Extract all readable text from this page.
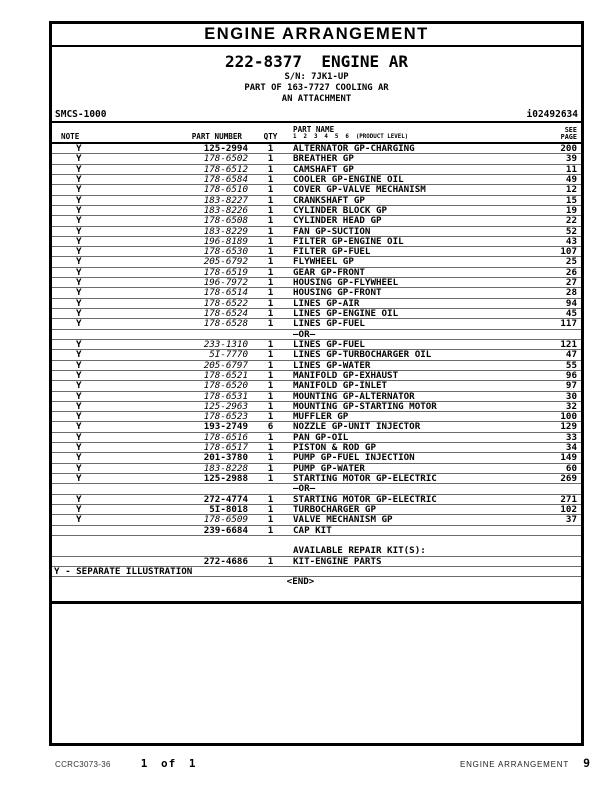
ENGINE ARRANGEMENT
222-8377  ENGINE AR
S/N: 7JK1-UP
PART OF 163-7727 COOLING AR
AN ATTACHMENT
SMCS-1000	i02492634
NOTE	PART NUMBER	QTY
PART NAME
1  2  3  4  5  6  (PRODUCT LEVEL)
SEE
PAGE
Y	125-2994	1	ALTERNATOR GP-CHARGING	200
Y	178-6502	1	BREATHER GP	39
Y	178-6512	1	CAMSHAFT GP	11
Y	178-6584	1	COOLER GP-ENGINE OIL	49
Y	178-6510	1	COVER GP-VALVE MECHANISM	12
Y	183-8227	1	CRANKSHAFT GP	15
Y	183-8226	1	CYLINDER BLOCK GP	19
Y	178-6508	1	CYLINDER HEAD GP	22
Y	183-8229	1	FAN GP-SUCTION	52
Y	196-8189	1	FILTER GP-ENGINE OIL	43
Y	178-6530	1	FILTER GP-FUEL	107
Y	205-6792	1	FLYWHEEL GP	25
Y	178-6519	1	GEAR GP-FRONT	26
Y	196-7972	1	HOUSING GP-FLYWHEEL	27
Y	178-6514	1	HOUSING GP-FRONT	28
Y	178-6522	1	LINES GP-AIR	94
Y	178-6524	1	LINES GP-ENGINE OIL	45
Y	178-6528	1	LINES GP-FUEL	117
–OR–
Y	233-1310	1	LINES GP-FUEL	121
Y	5I-7770	1	LINES GP-TURBOCHARGER OIL	47
Y	205-6797	1	LINES GP-WATER	55
Y	178-6521	1	MANIFOLD GP-EXHAUST	96
Y	178-6520	1	MANIFOLD GP-INLET	97
Y	178-6531	1	MOUNTING GP-ALTERNATOR	30
Y	125-2963	1	MOUNTING GP-STARTING MOTOR	32
Y	178-6523	1	MUFFLER GP	100
Y	193-2749	6	NOZZLE GP-UNIT INJECTOR	129
Y	178-6516	1	PAN GP-OIL	33
Y	178-6517	1	PISTON & ROD GP	34
Y	201-3780	1	PUMP GP-FUEL INJECTION	149
Y	183-8228	1	PUMP GP-WATER	60
Y	125-2988	1	STARTING MOTOR GP-ELECTRIC	269
–OR–
Y	272-4774	1	STARTING MOTOR GP-ELECTRIC	271
Y	5I-8018	1	TURBOCHARGER GP	102
Y	178-6509	1	VALVE MECHANISM GP	37
239-6684	1	CAP KIT
AVAILABLE REPAIR KIT(S):
272-4686	1	KIT-ENGINE PARTS
Y - SEPARATE ILLUSTRATION
<END>
CCRC3073-36	1 of 1	ENGINE ARRANGEMENT 9
